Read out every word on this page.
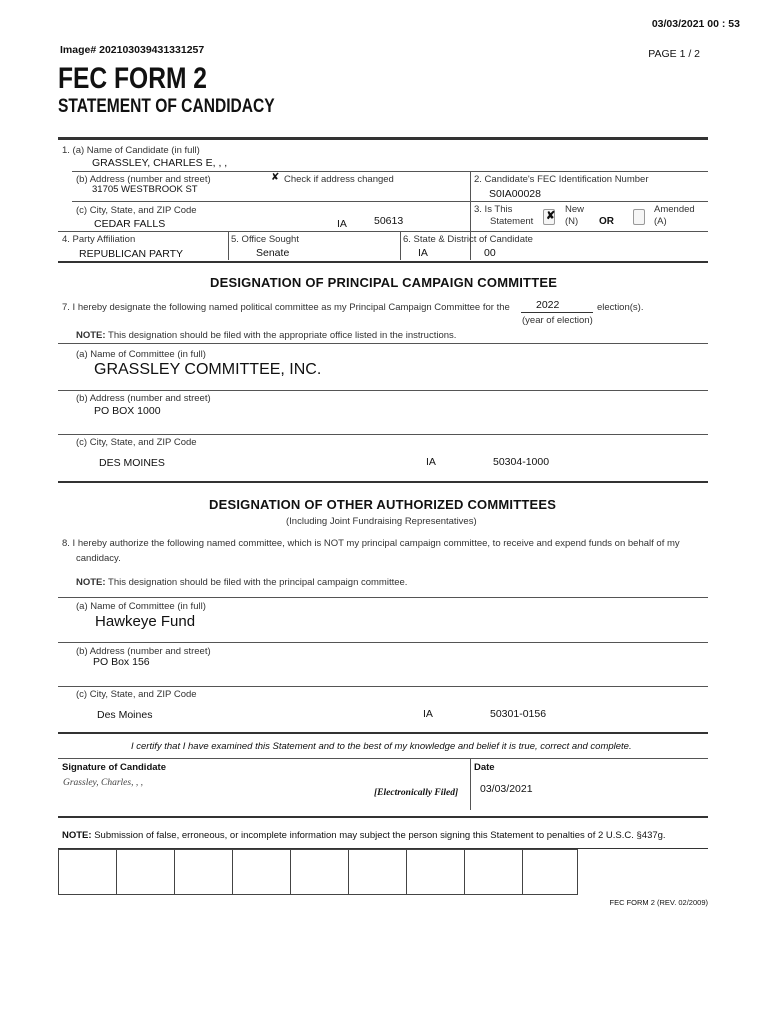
03/03/2021 00 : 53
Image# 202103039431331257	PAGE 1 / 2
FEC FORM 2
STATEMENT OF CANDIDACY
1. (a) Name of Candidate (in full)
GRASSLEY, CHARLES E, , ,
(b) Address (number and street)
31705 WESTBROOK ST
✘ Check if address changed	2. Candidate's FEC Identification Number
S0IA00028
(c) City, State, and ZIP Code
CEDAR FALLS	IA	50613
3. Is This
Statement ✘
New
(N) OR
Amended
(A)
4. Party Affiliation
REPUBLICAN PARTY
5. Office Sought
Senate
6. State & District of Candidate
IA	00
DESIGNATION OF PRINCIPAL CAMPAIGN COMMITTEE
7. I hereby designate the following named political committee as my Principal Campaign Committee for the 2022	election(s).
(year of election)
NOTE: This designation should be filed with the appropriate office listed in the instructions.
(a) Name of Committee (in full)
GRASSLEY COMMITTEE, INC.
(b) Address (number and street)
PO BOX 1000
(c) City, State, and ZIP Code
DES MOINES	IA	50304-1000
DESIGNATION OF OTHER AUTHORIZED COMMITTEES
(Including Joint Fundraising Representatives)
8. I hereby authorize the following named committee, which is NOT my principal campaign committee, to receive and expend funds on behalf of my
candidacy.
NOTE: This designation should be filed with the principal campaign committee.
(a) Name of Committee (in full)
Hawkeye Fund
(b) Address (number and street)
PO Box 156
(c) City, State, and ZIP Code
Des Moines	IA	50301-0156
I certify that I have examined this Statement and to the best of my knowledge and belief it is true, correct and complete.
Signature of Candidate
Grassley, Charles, , ,
[Electronically Filed]
Date
03/03/2021
NOTE: Submission of false, erroneous, or incomplete information may subject the person signing this Statement to penalties of 2 U.S.C. §437g.
FEC FORM 2 (REV. 02/2009)
